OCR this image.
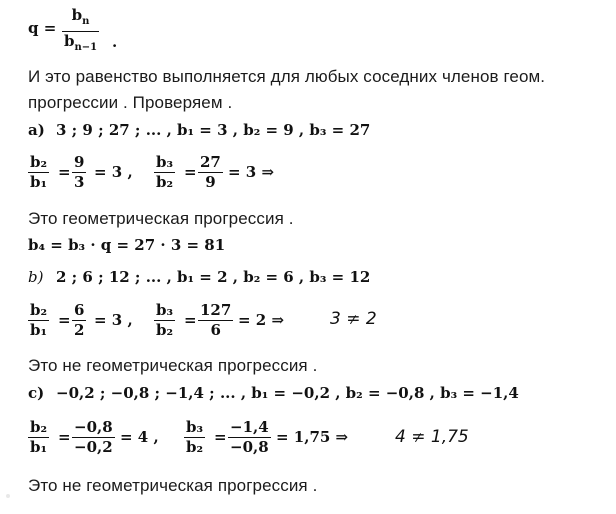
q =
$b_n$
$b_{n-1}$ .
И это равенство выполняется для любых соседних членов геом.
прогрессии . Проверяем .
a) 3 ; 9 ; 27 ; ... , b₁ = 3 , b₂ = 9 , b₃ = 27
b₂
b₁
=
9
3
= 3 ,
b₃
b₂
=
27
9
= 3 ⇒
Это геометрическая прогрессия .
b₄ = b₃ · q = 27 · 3 = 81
b) 2 ; 6 ; 12 ; ... , b₁ = 2 , b₂ = 6 , b₃ = 12
b₂
b₁
=
6
2
= 3 ,
b₃
b₂
=
127
6
= 2 ⇒	3 = 2
Это не геометрическая прогрессия .
c) −0,2 ; −0,8 ; −1,4 ; ... , b₁ = −0,2 , b₂ = −0,8 , b₃ = −1,4
b₂
b₁
=
−0,8
−0,2
= 4 ,
b₃
b₂
=
−1,4
−0,8
= 1,75 ⇒	4 = 1,75
Это не геометрическая прогрессия .
